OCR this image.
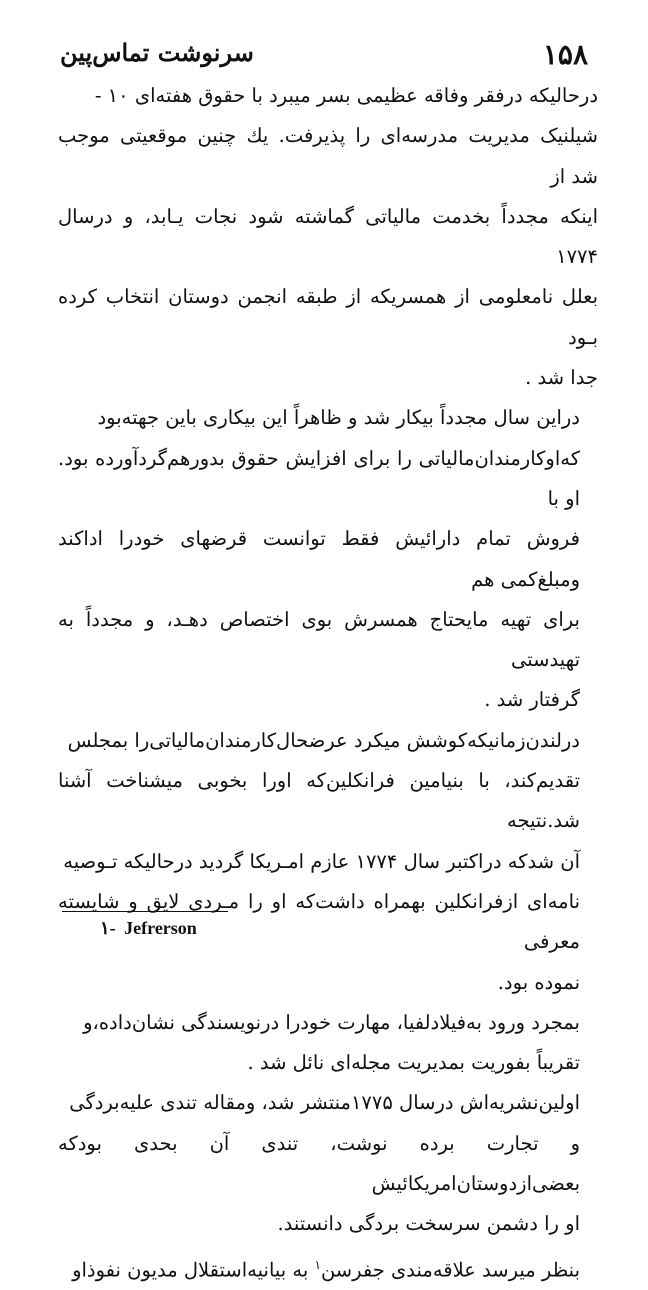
۱۵۸
سرنوشت تماس‌پین

درحالیکه درفقر وفاقه عظیمی بسر میبرد با حقوق هفته‌ای ۱۰ -
شیلنیک مدیریت مدرسه‌ای را پذیرفت. یك چنین موقعیتی موجب شد از
اینکه مجدداً بخدمت مالیاتی گماشته شود نجات یـابد، و درسال ۱۷۷۴
بعلل نامعلومی از همسریکه از طبقه انجمن دوستان انتخاب کرده بـود
جدا شد .

دراین سال مجدداً بیکار شد و ظاهراً این بیکاری باین جهته‌بود
که‌اوکارمندان‌مالیاتی را برای افزایش حقوق بدورهم‌گردآورده بود. او با
فروش تمام دارائیش فقط توانست قرضهای خودرا اداکند ومبلغ‌کمی هم
برای تهیه مایحتاج همسرش بوی اختصاص دهـد، و مجدداً به تهیدستی
گرفتار شد .

درلندن‌زمانیکه‌کوشش میکرد عرضحال‌کارمندان‌مالیاتی‌را بمجلس
تقدیم‌کند، با بنیامین فرانکلین‌که اورا بخوبی میشناخت آشنا شد.نتیجه
آن شدکه دراکتبر سال ۱۷۷۴ عازم امـریکا گردید درحالیکه تـوصیه
نامه‌ای ازفرانکلین بهمراه داشت‌که او را مـردی لایق و شایسته معرفی
نموده بود.

بمجرد ورود به‌فیلادلفیا، مهارت خودرا درنویسندگی نشان‌داده،و
تقریباً بفوریت بمدیریت مجله‌ای نائل شد .

اولین‌نشریه‌اش درسال ۱۷۷۵منتشر شد، ومقاله تندی علیه‌بردگی
و تجارت برده نوشت، تندی آن بحدی بودکه بعضی‌ازدوستان‌امریکائیش
او را دشمن سرسخت بردگی دانستند.

بنظر میرسد علاقه‌مندی جفرسن$^۱$ به بیانیه‌استقلال مدیون نفوذاو

۱- Jefrerson
